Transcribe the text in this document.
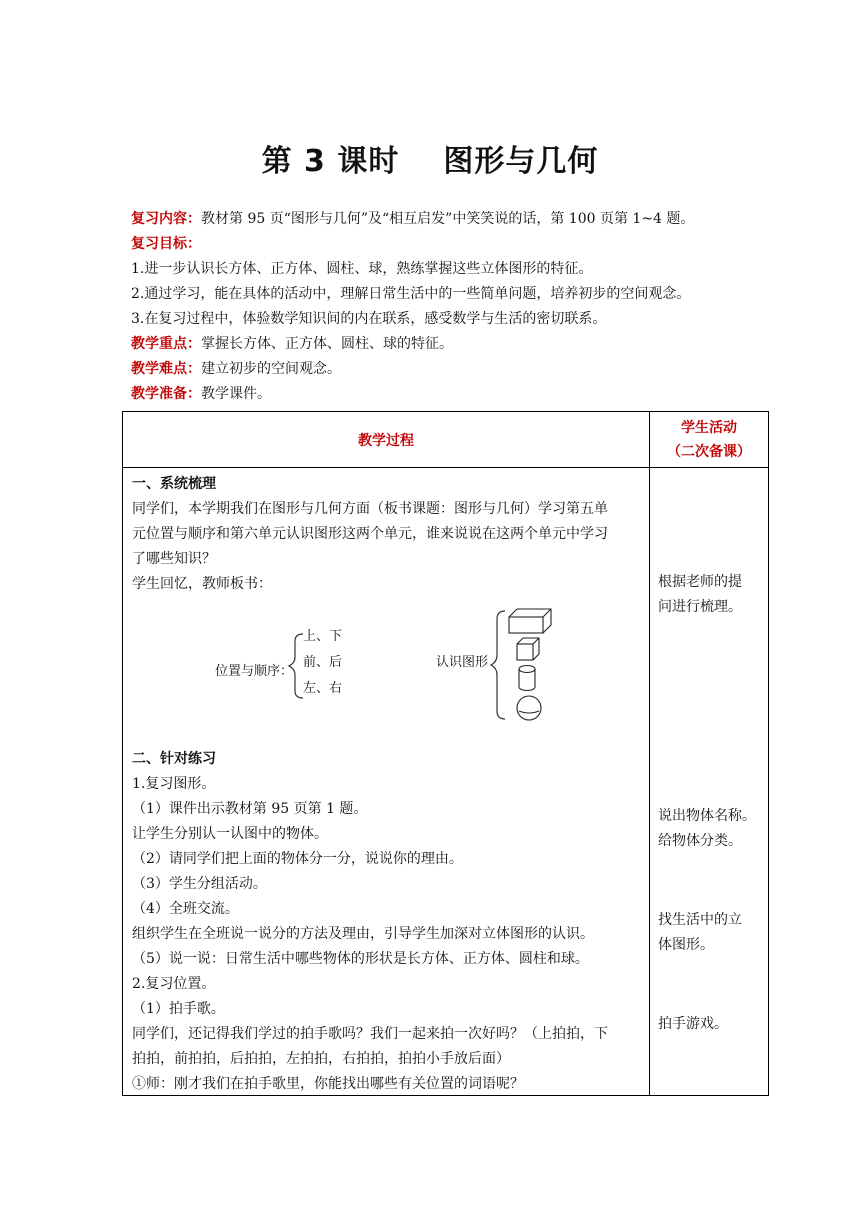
第 3 课时 图形与几何
复习内容：教材第 95 页“图形与几何”及“相互启发”中笑笑说的话，第 100 页第 1~4 题。
复习目标：
1.进一步认识长方体、正方体、圆柱、球，熟练掌握这些立体图形的特征。
2.通过学习，能在具体的活动中，理解日常生活中的一些简单问题，培养初步的空间观念。
3.在复习过程中，体验数学知识间的内在联系，感受数学与生活的密切联系。
教学重点：掌握长方体、正方体、圆柱、球的特征。
教学难点：建立初步的空间观念。
教学准备：教学课件。
教学过程
学生活动
（二次备课）
一、系统梳理
同学们，本学期我们在图形与几何方面（板书课题：图形与几何）学习第五单
元位置与顺序和第六单元认识图形这两个单元，谁来说说在这两个单元中学习
了哪些知识？
学生回忆，教师板书：
二、针对练习
1.复习图形。
（1）课件出示教材第 95 页第 1 题。
让学生分别认一认图中的物体。
（2）请同学们把上面的物体分一分，说说你的理由。
（3）学生分组活动。
（4）全班交流。
组织学生在全班说一说分的方法及理由，引导学生加深对立体图形的认识。
（5）说一说：日常生活中哪些物体的形状是长方体、正方体、圆柱和球。
2.复习位置。
（1）拍手歌。
同学们，还记得我们学过的拍手歌吗？我们一起来拍一次好吗？（上拍拍，下
拍拍，前拍拍，后拍拍，左拍拍，右拍拍，拍拍小手放后面）
①师：刚才我们在拍手歌里，你能找出哪些有关位置的词语呢？
位置与顺序：
上、下
前、后
左、右
认识图形
根据老师的提
问进行梳理。
说出物体名称。
给物体分类。
找生活中的立
体图形。
拍手游戏。
